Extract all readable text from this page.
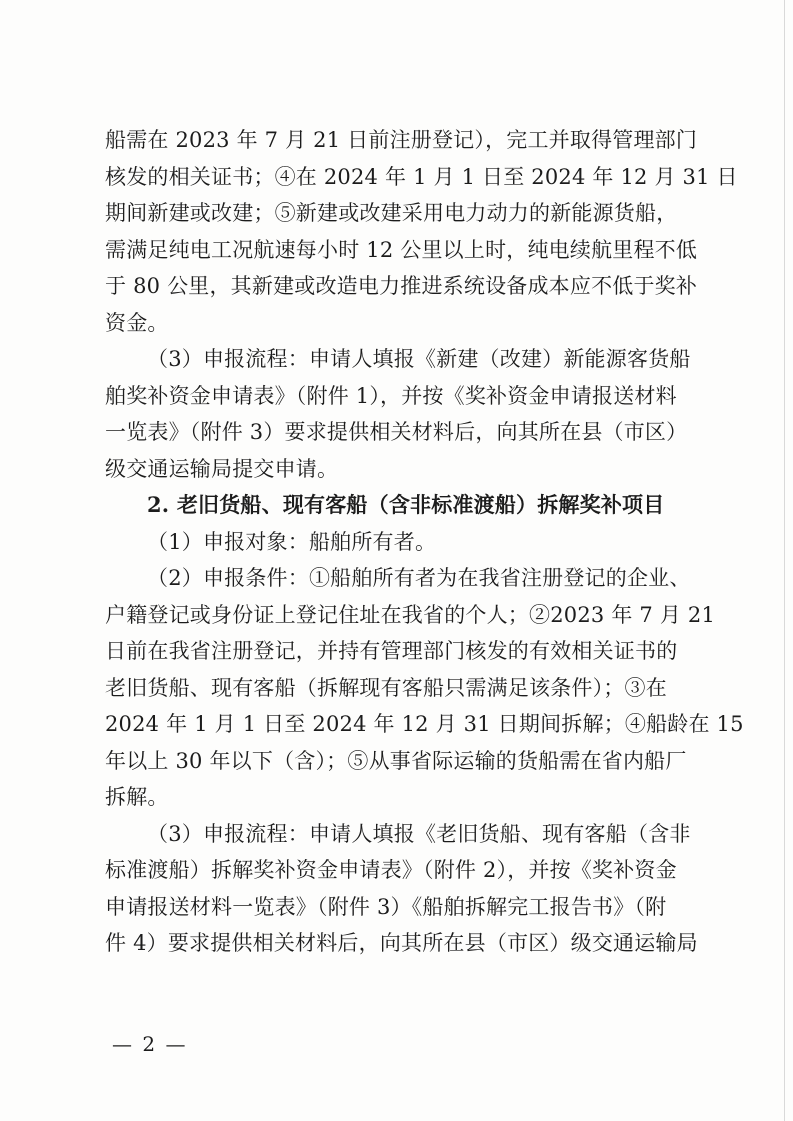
船需在 2023 年 7 月 21 日前注册登记），完工并取得管理部门
核发的相关证书；④在 2024 年 1 月 1 日至 2024 年 12 月 31 日
期间新建或改建；⑤新建或改建采用电力动力的新能源货船，
需满足纯电工况航速每小时 12 公里以上时，纯电续航里程不低
于 80 公里，其新建或改造电力推进系统设备成本应不低于奖补
资金。
（3）申报流程：申请人填报《新建（改建）新能源客货船
舶奖补资金申请表》（附件 1），并按《奖补资金申请报送材料
一览表》（附件 3）要求提供相关材料后，向其所在县（市区）
级交通运输局提交申请。
2. 老旧货船、现有客船（含非标准渡船）拆解奖补项目
（1）申报对象：船舶所有者。
（2）申报条件：①船舶所有者为在我省注册登记的企业、
户籍登记或身份证上登记住址在我省的个人；②2023 年 7 月 21
日前在我省注册登记，并持有管理部门核发的有效相关证书的
老旧货船、现有客船（拆解现有客船只需满足该条件）；③在
2024 年 1 月 1 日至 2024 年 12 月 31 日期间拆解；④船龄在 15
年以上 30 年以下（含）；⑤从事省际运输的货船需在省内船厂
拆解。
（3）申报流程：申请人填报《老旧货船、现有客船（含非
标准渡船）拆解奖补资金申请表》（附件 2），并按《奖补资金
申请报送材料一览表》（附件 3）《船舶拆解完工报告书》（附
件 4）要求提供相关材料后，向其所在县（市区）级交通运输局
— 2 —
